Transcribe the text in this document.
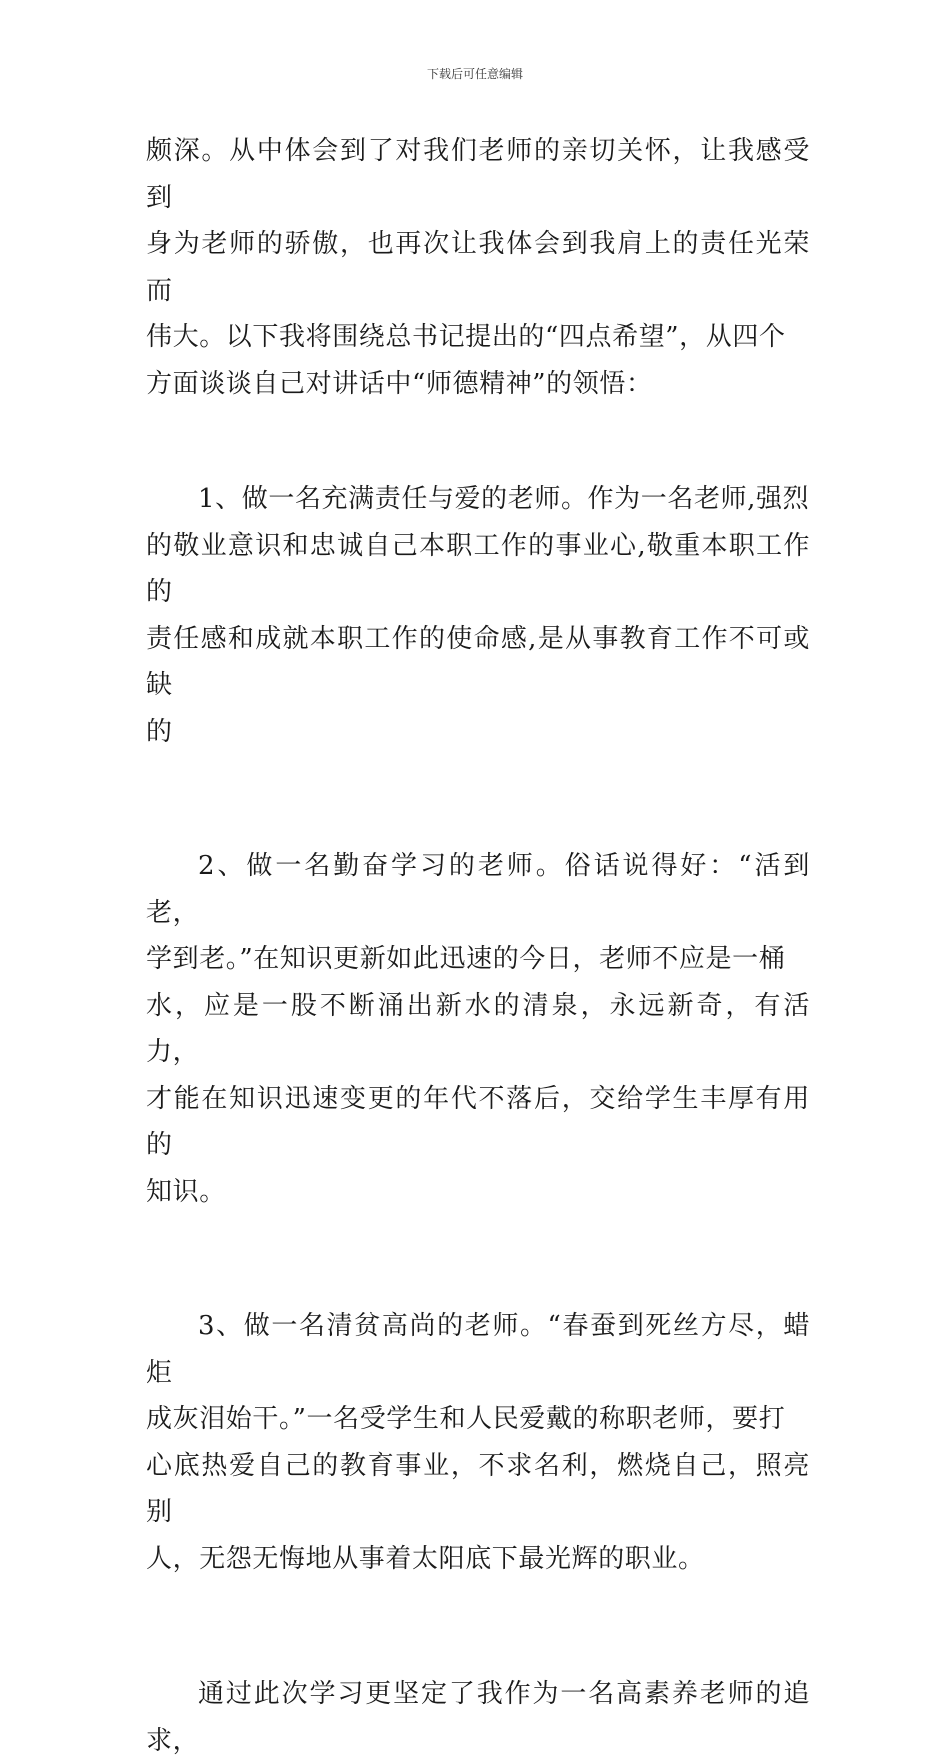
下载后可任意编辑

颇深。从中体会到了对我们老师的亲切关怀，让我感受到
身为老师的骄傲，也再次让我体会到我肩上的责任光荣而
伟大。以下我将围绕总书记提出的“四点希望”，从四个
方面谈谈自己对讲话中“师德精神”的领悟：

1、做一名充满责任与爱的老师。作为一名老师,强烈
的敬业意识和忠诚自己本职工作的事业心,敬重本职工作的
责任感和成就本职工作的使命感,是从事教育工作不可或缺
的

2、做一名勤奋学习的老师。俗话说得好：“活到老，
学到老。”在知识更新如此迅速的今日，老师不应是一桶
水，应是一股不断涌出新水的清泉，永远新奇，有活力，
才能在知识迅速变更的年代不落后，交给学生丰厚有用的
知识。

3、做一名清贫高尚的老师。“春蚕到死丝方尽，蜡炬
成灰泪始干。”一名受学生和人民爱戴的称职老师，要打
心底热爱自己的教育事业，不求名利，燃烧自己，照亮别
人，无怨无悔地从事着太阳底下最光辉的职业。

通过此次学习更坚定了我作为一名高素养老师的追求，
